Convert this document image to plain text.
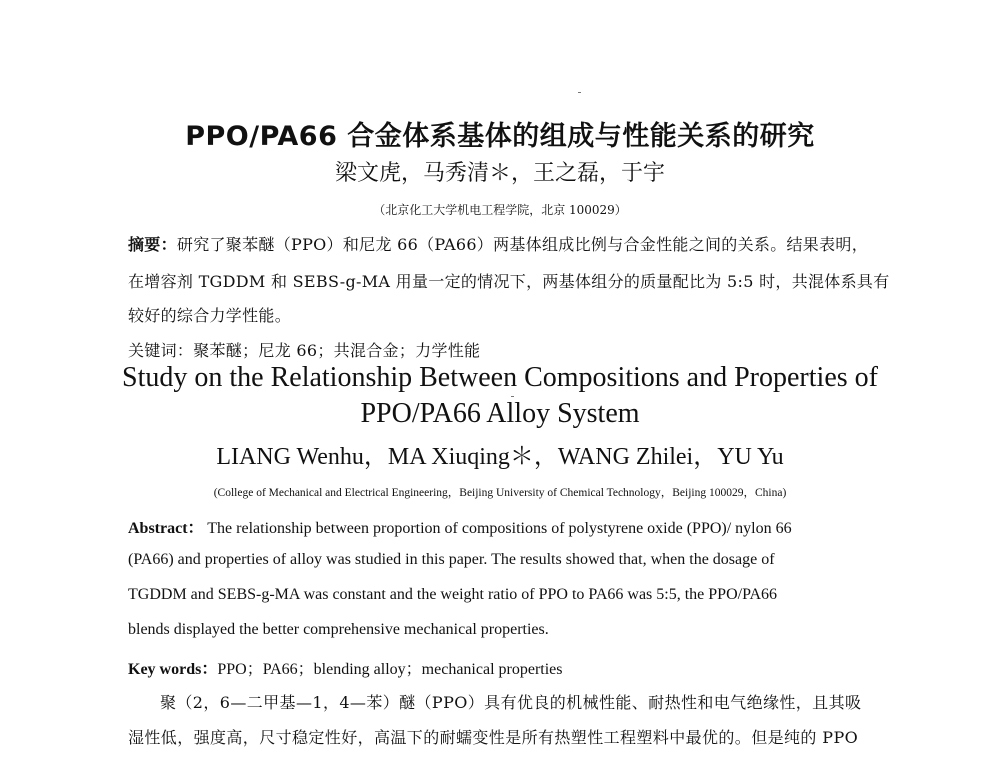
PPO/PA66 合金体系基体的组成与性能关系的研究
梁文虎，马秀清＊，王之磊，于宇
（北京化工大学机电工程学院，北京 100029）
摘要：研究了聚苯醚（PPO）和尼龙 66（PA66）两基体组成比例与合金性能之间的关系。结果表明，
在增容剂 TGDDM 和 SEBS-g-MA 用量一定的情况下，两基体组分的质量配比为 5:5 时，共混体系具有
较好的综合力学性能。
关键词：聚苯醚；尼龙 66；共混合金；力学性能
Study on the Relationship Between Compositions and Properties of
PPO/PA66 Alloy System
LIANG Wenhu，MA Xiuqing＊，WANG Zhilei，YU Yu
(College of Mechanical and Electrical Engineering，Beijing University of Chemical Technology，Beijing 100029，China)
Abstract： The relationship between proportion of compositions of polystyrene oxide (PPO)/ nylon 66
(PA66) and properties of alloy was studied in this paper. The results showed that, when the dosage of
TGDDM and SEBS-g-MA was constant and the weight ratio of PPO to PA66 was 5:5, the PPO/PA66
blends displayed the better comprehensive mechanical properties.
Key words：PPO；PA66；blending alloy；mechanical properties
聚（2，6—二甲基—1，4—苯）醚（PPO）具有优良的机械性能、耐热性和电气绝缘性，且其吸
湿性低，强度高，尺寸稳定性好，高温下的耐蠕变性是所有热塑性工程塑料中最优的。但是纯的 PPO
